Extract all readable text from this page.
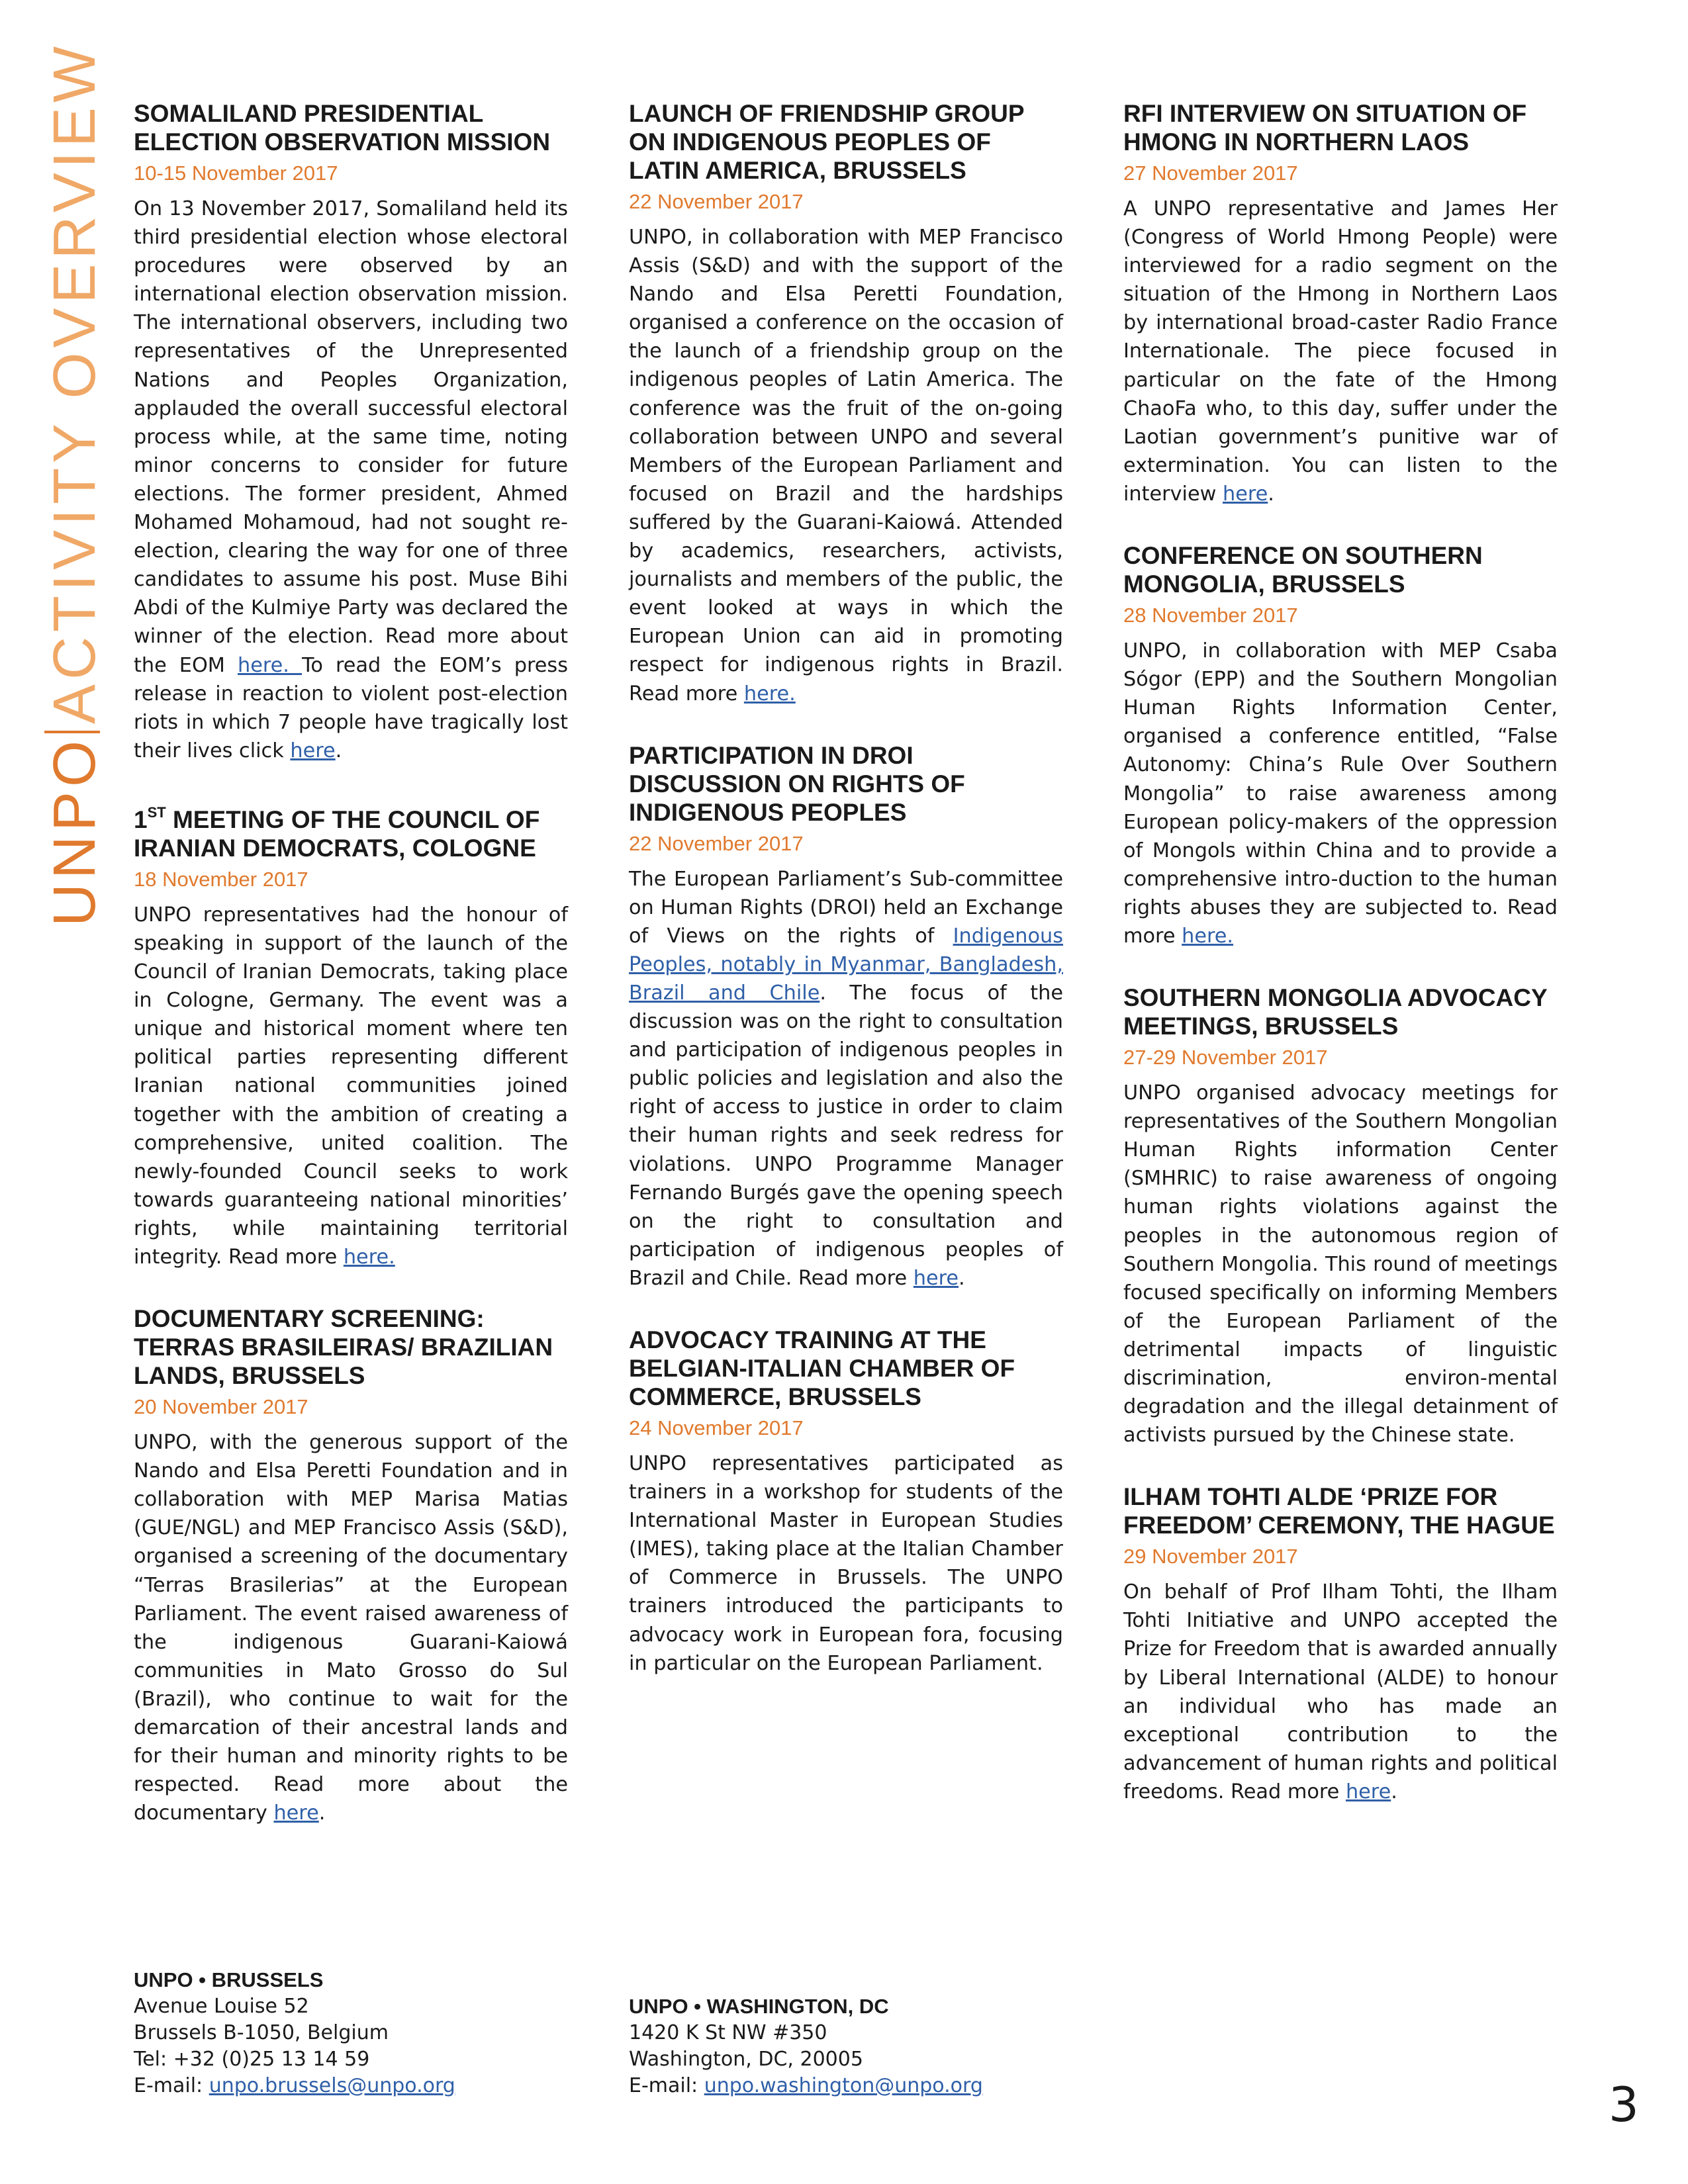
UNPOACTIVITY OVERVIEW SOMALILAND PRESIDENTIAL ELECTION OBSERVATION MISSION
10-15 November 2017

On 13 November 2017, Somaliland held its third presidential election whose electoral procedures were observed by an international election observation mission. The international observers, including two representatives of the Unrepresented Nations and Peoples Organization, applauded the overall successful electoral process while, at the same time, noting minor concerns to consider for future elections. The former president, Ahmed Mohamed Mohamoud, had not sought re-election, clearing the way for one of three candidates to assume his post. Muse Bihi Abdi of the Kulmiye Party was declared the winner of the election. Read more about the EOM here. To read the EOM’s press release in reaction to violent post-election riots in which 7 people have tragically lost their lives click here.

1ST MEETING OF THE COUNCIL OF IRANIAN DEMOCRATS, COLOGNE
18 November 2017

UNPO representatives had the honour of speaking in support of the launch of the Council of Iranian Democrats, taking place in Cologne, Germany. The event was a unique and historical moment where ten political parties representing different Iranian national communities joined together with the ambition of creating a comprehensive, united coalition. The newly-founded Council seeks to work towards guaranteeing national minorities’ rights, while maintaining territorial integrity. Read more here.

DOCUMENTARY SCREENING: TERRAS BRASILEIRAS/ BRAZILIAN LANDS, BRUSSELS
20 November 2017

UNPO, with the generous support of the Nando and Elsa Peretti Foundation and in collaboration with MEP Marisa Matias (GUE/NGL) and MEP Francisco Assis (S&D), organised a screening of the documentary “Terras Brasilerias” at the European Parliament. The event raised awareness of the indigenous Guarani-Kaiowá communities in Mato Grosso do Sul (Brazil), who continue to wait for the demarcation of their ancestral lands and for their human and minority rights to be respected. Read more about the documentary here.

LAUNCH OF FRIENDSHIP GROUP ON INDIGENOUS PEOPLES OF LATIN AMERICA, BRUSSELS
22 November 2017

UNPO, in collaboration with MEP Francisco Assis (S&D) and with the support of the Nando and Elsa Peretti Foundation, organised a conference on the occasion of the launch of a friendship group on the indigenous peoples of Latin America. The conference was the fruit of the on-going collaboration between UNPO and several Members of the European Parliament and focused on Brazil and the hardships suffered by the Guarani-Kaiowá. Attended by academics, researchers, activists, journalists and members of the public, the event looked at ways in which the European Union can aid in promoting respect for indigenous rights in Brazil. Read more here.

PARTICIPATION IN DROI DISCUSSION ON RIGHTS OF INDIGENOUS PEOPLES
22 November 2017

The European Parliament’s Sub-committee on Human Rights (DROI) held an Exchange of Views on the rights of Indigenous Peoples, notably in Myanmar, Bangladesh, Brazil and Chile. The focus of the discussion was on the right to consultation and participation of indigenous peoples in public policies and legislation and also the right of access to justice in order to claim their human rights and seek redress for violations. UNPO Programme Manager Fernando Burgés gave the opening speech on the right to consultation and participation of indigenous peoples of Brazil and Chile. Read more here.

ADVOCACY TRAINING AT THE BELGIAN-ITALIAN CHAMBER OF COMMERCE, BRUSSELS
24 November 2017

UNPO representatives participated as trainers in a workshop for students of the International Master in European Studies (IMES), taking place at the Italian Chamber of Commerce in Brussels. The UNPO trainers introduced the participants to advocacy work in European fora, focusing in particular on the European Parliament.

RFI INTERVIEW ON SITUATION OF HMONG IN NORTHERN LAOS
27 November 2017

A UNPO representative and James Her (Congress of World Hmong People) were interviewed for a radio segment on the situation of the Hmong in Northern Laos by international broad-caster Radio France Internationale. The piece focused in particular on the fate of the Hmong ChaoFa who, to this day, suffer under the Laotian government’s punitive war of extermination. You can listen to the interview here.

CONFERENCE ON SOUTHERN MONGOLIA, BRUSSELS
28 November 2017

UNPO, in collaboration with MEP Csaba Sógor (EPP) and the Southern Mongolian Human Rights Information Center, organised a conference entitled, “False Autonomy: China’s Rule Over Southern Mongolia” to raise awareness among European policy-makers of the oppression of Mongols within China and to provide a comprehensive intro-duction to the human rights abuses they are subjected to. Read more here.

SOUTHERN MONGOLIA ADVOCACY MEETINGS, BRUSSELS
27-29 November 2017

UNPO organised advocacy meetings for representatives of the Southern Mongolian Human Rights information Center (SMHRIC) to raise awareness of ongoing human rights violations against the peoples in the autonomous region of Southern Mongolia. This round of meetings focused specifically on informing Members of the European Parliament of the detrimental impacts of linguistic discrimination, environ-mental degradation and the illegal detainment of activists pursued by the Chinese state.

ILHAM TOHTI ALDE ‘PRIZE FOR FREEDOM’ CEREMONY, THE HAGUE
29 November 2017

On behalf of Prof Ilham Tohti, the Ilham Tohti Initiative and UNPO accepted the Prize for Freedom that is awarded annually by Liberal International (ALDE) to honour an individual who has made an exceptional contribution to the advancement of human rights and political freedoms. Read more here.

UNPO • BRUSSELS
Avenue Louise 52
Brussels B-1050, Belgium
Tel: +32 (0)25 13 14 59
E-mail: unpo.brussels@unpo.org
UNPO • WASHINGTON, DC
1420 K St NW #350
Washington, DC, 20005
E-mail: unpo.washington@unpo.org	3
